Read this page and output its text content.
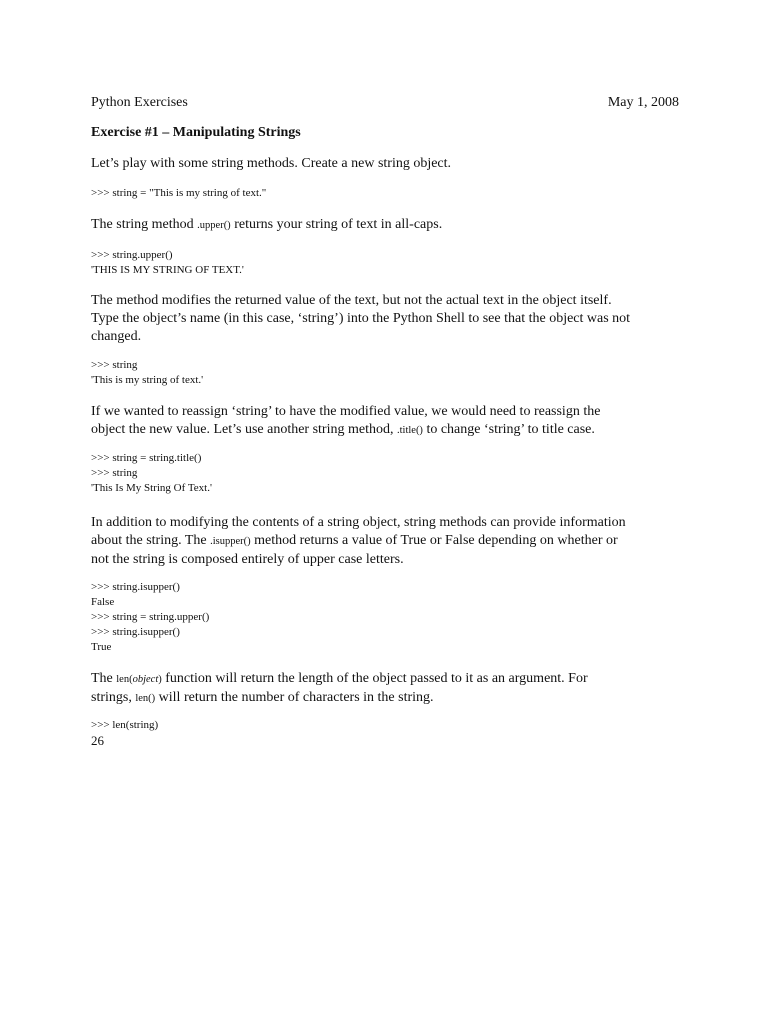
Python Exercises	May 1, 2008
Exercise #1 – Manipulating Strings
Let’s play with some string methods. Create a new string object.
>>> string = "This is my string of text."
The string method .upper() returns your string of text in all-caps.
>>> string.upper()
'THIS IS MY STRING OF TEXT.'
The method modifies the returned value of the text, but not the actual text in the object itself.
Type the object’s name (in this case, ‘string’) into the Python Shell to see that the object was not
changed.
>>> string
'This is my string of text.'
If we wanted to reassign ‘string’ to have the modified value, we would need to reassign the
object the new value. Let’s use another string method, .title() to change ‘string’ to title case.
>>> string = string.title()
>>> string
'This Is My String Of Text.'
In addition to modifying the contents of a string object, string methods can provide information
about the string. The .isupper() method returns a value of True or False depending on whether or
not the string is composed entirely of upper case letters.
>>> string.isupper()
False
>>> string = string.upper()
>>> string.isupper()
True
The len(object) function will return the length of the object passed to it as an argument. For
strings, len() will return the number of characters in the string.
>>> len(string)
26
